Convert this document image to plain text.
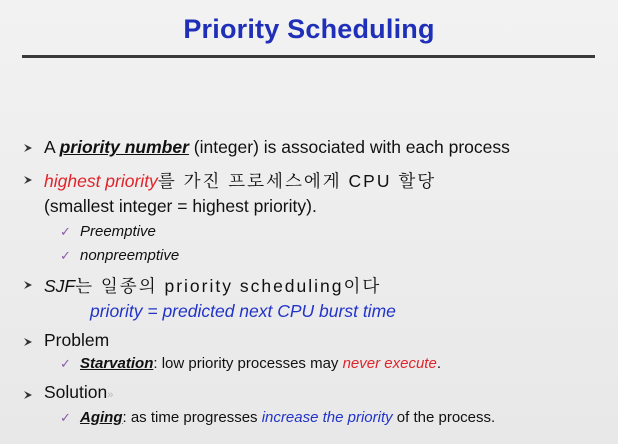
Priority Scheduling
A priority number (integer) is associated with each process
highest priority를 가진 프로세스에게 CPU 할당
(smallest integer = highest priority).
✓ Preemptive
✓ nonpreemptive
SJF는 일종의 priority scheduling이다
priority = predicted next CPU burst time
Problem
✓ Starvation: low priority processes may never execute.
Solution»
✓ Aging: as time progresses increase the priority of the process.
